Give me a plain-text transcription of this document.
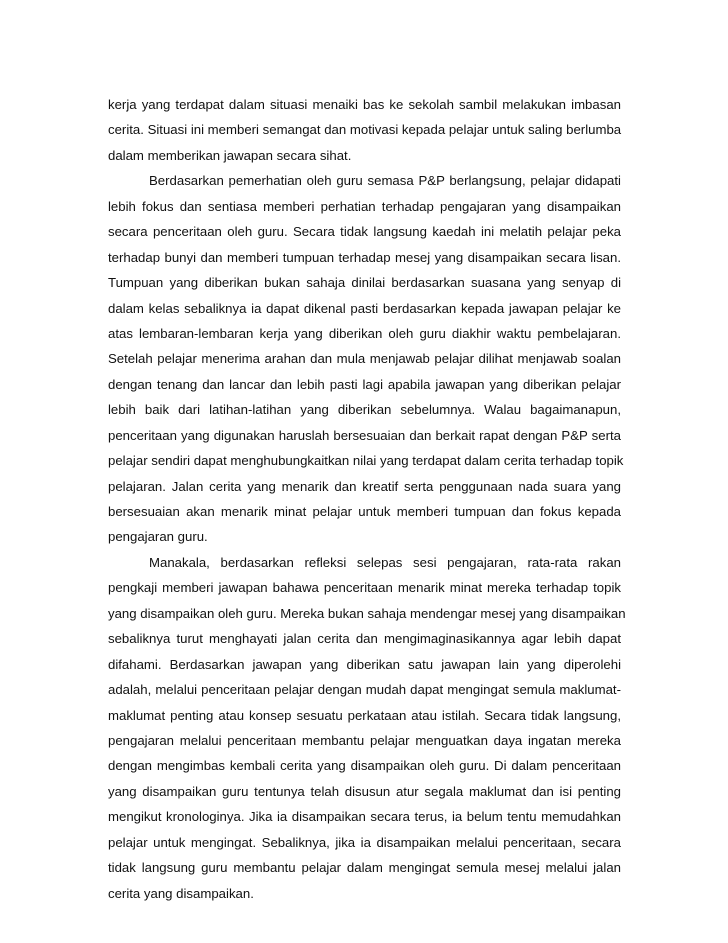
kerja yang terdapat dalam situasi menaiki bas ke sekolah sambil melakukan imbasan
cerita. Situasi ini memberi semangat dan motivasi kepada pelajar untuk saling berlumba
dalam memberikan jawapan secara sihat.
Berdasarkan pemerhatian oleh guru semasa P&P berlangsung, pelajar didapati
lebih fokus dan sentiasa memberi perhatian terhadap pengajaran yang disampaikan
secara penceritaan oleh guru. Secara tidak langsung kaedah ini melatih pelajar peka
terhadap bunyi dan memberi tumpuan terhadap mesej yang disampaikan secara lisan.
Tumpuan yang diberikan bukan sahaja dinilai berdasarkan suasana yang senyap di
dalam kelas sebaliknya ia dapat dikenal pasti berdasarkan kepada jawapan pelajar ke
atas lembaran-lembaran kerja yang diberikan oleh guru diakhir waktu pembelajaran.
Setelah pelajar menerima arahan dan mula menjawab pelajar dilihat menjawab soalan
dengan tenang dan lancar dan lebih pasti lagi apabila jawapan yang diberikan pelajar
lebih baik dari latihan-latihan yang diberikan sebelumnya. Walau bagaimanapun,
penceritaan yang digunakan haruslah bersesuaian dan berkait rapat dengan P&P serta
pelajar sendiri dapat menghubungkaitkan nilai yang terdapat dalam cerita terhadap topik
pelajaran. Jalan cerita yang menarik dan kreatif serta penggunaan nada suara yang
bersesuaian akan menarik minat pelajar untuk memberi tumpuan dan fokus kepada
pengajaran guru.
Manakala, berdasarkan refleksi selepas sesi pengajaran, rata-rata rakan
pengkaji memberi jawapan bahawa penceritaan menarik minat mereka terhadap topik
yang disampaikan oleh guru. Mereka bukan sahaja mendengar mesej yang disampaikan
sebaliknya turut menghayati jalan cerita dan mengimaginasikannya agar lebih dapat
difahami. Berdasarkan jawapan yang diberikan satu jawapan lain yang diperolehi
adalah, melalui penceritaan pelajar dengan mudah dapat mengingat semula maklumat-
maklumat penting atau konsep sesuatu perkataan atau istilah. Secara tidak langsung,
pengajaran melalui penceritaan membantu pelajar menguatkan daya ingatan mereka
dengan mengimbas kembali cerita yang disampaikan oleh guru. Di dalam penceritaan
yang disampaikan guru tentunya telah disusun atur segala maklumat dan isi penting
mengikut kronologinya. Jika ia disampaikan secara terus, ia belum tentu memudahkan
pelajar untuk mengingat. Sebaliknya, jika ia disampaikan melalui penceritaan, secara
tidak langsung guru membantu pelajar dalam mengingat semula mesej melalui jalan
cerita yang disampaikan.
